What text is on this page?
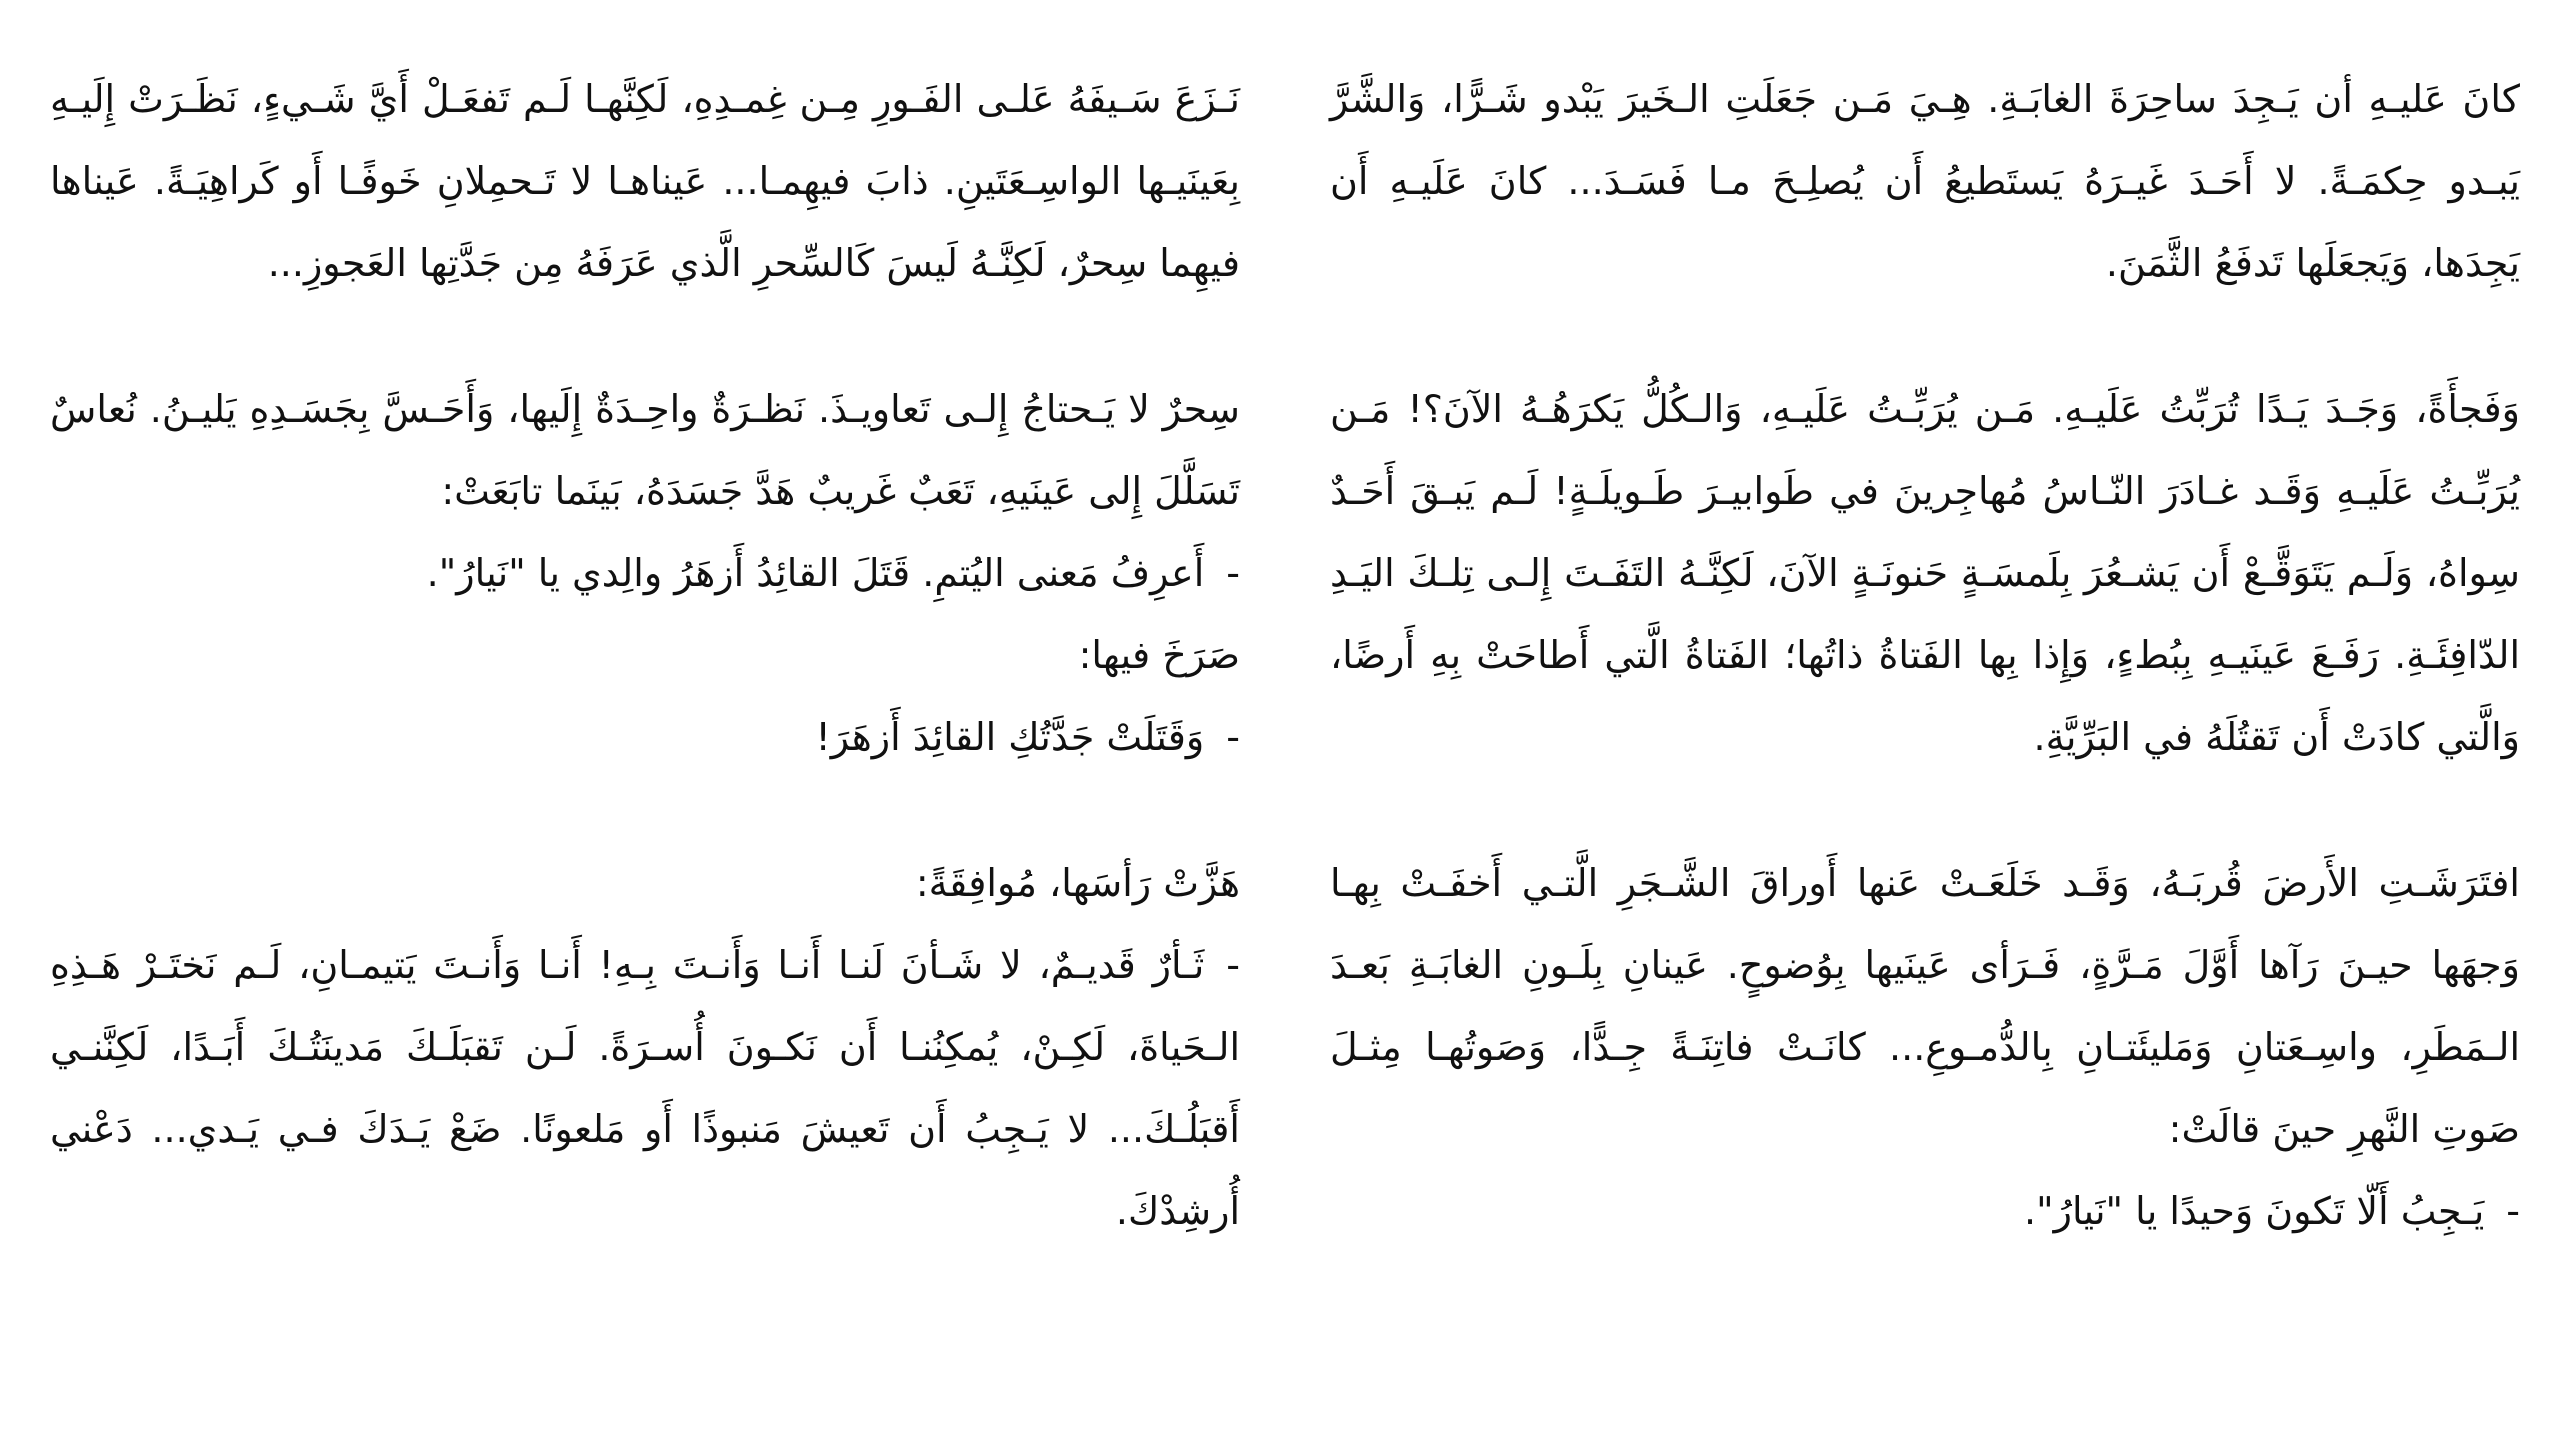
كانَ عَليـهِ أن يَـجِدَ ساحِرَةَ الغابَـةِ. هِـيَ مَـن جَعَلَتِ الـخَيرَ يَبْدو شَـرًّا، وَالشَّرَّ يَبـدو حِكمَـةً. لا أَحَـدَ غَيـرَهُ يَستَطيعُ أَن يُصلِـحَ مـا فَسَـدَ... كانَ عَلَيـهِ أَن يَجِدَها، وَيَجعَلَها تَدفَعُ الثَّمَنَ.

وَفَجأَةً، وَجَـدَ يَـدًا تُرَبِّتُ عَلَيـهِ. مَـن يُرَبِّـتُ عَلَيـهِ، وَالـكُلُّ يَكرَهُـهُ الآنَ؟! مَـن يُرَبِّـتُ عَلَيـهِ وَقَـد غـادَرَ النّـاسُ مُهاجِرينَ في طَوابيـرَ طَـويلَـةٍ! لَـم يَبـقَ أَحَـدٌ سِواهُ، وَلَـم يَتَوَقَّـعْ أَن يَشـعُرَ بِلَمسَـةٍ حَنونَـةٍ الآنَ، لَكِنَّـهُ التَفَـتَ إِلـى تِلـكَ اليَـدِ الدّافِئَـةِ. رَفَـعَ عَينَيـهِ بِبُطءٍ، وَإِذا بِها الفَتاةُ ذاتُها؛ الفَتاةُ الَّتي أَطاحَتْ بِهِ أَرضًا، وَالَّتي كادَتْ أَن تَقتُلَهُ في البَرِّيَّةِ.

افتَرَشَـتِ الأَرضَ قُربَـهُ، وَقَـد خَلَعَـتْ عَنها أَوراقَ الشَّـجَرِ الَّتـي أَخفَـتْ بِهـا وَجهَها حيـنَ رَآها أَوَّلَ مَـرَّةٍ، فَـرَأى عَينَيها بِوُضوحٍ. عَينانِ بِلَـونِ الغابَـةِ بَعـدَ الـمَطَرِ، واسِـعَتانِ وَمَليئَتـانِ بِالدُّمـوعِ... كانَـتْ فاتِنَـةً جِـدًّا، وَصَوتُهـا مِثـلَ صَوتِ النَّهرِ حينَ قالَتْ:

-يَـجِبُ أَلّا تَكونَ وَحيدًا يا "نَيارُ".

نَـزَعَ سَـيفَهُ عَلـى الفَـورِ مِـن غِمـدِهِ، لَكِنَّهـا لَـم تَفعَـلْ أَيَّ شَـيءٍ، نَظَـرَتْ إِلَيـهِ بِعَينَيـها الواسِـعَتَينِ. ذابَ فيهِمـا... عَيناهـا لا تَـحمِلانِ خَوفًـا أَو كَراهِيَـةً. عَيناها فيهِما سِحرٌ، لَكِنَّـهُ لَيسَ كَالسِّحرِ الَّذي عَرَفَهُ مِن جَدَّتِها العَجوزِ...

سِحرٌ لا يَـحتاجُ إِلـى تَعاويـذَ. نَظـرَةٌ واحِـدَةٌ إِلَيها، وَأَحَـسَّ بِجَسَـدِهِ يَليـنُ. نُعاسٌ تَسَلَّلَ إِلى عَينَيهِ، تَعَبٌ غَريبٌ هَدَّ جَسَدَهُ، بَينَما تابَعَتْ:

-أَعرِفُ مَعنى اليُتمِ. قَتَلَ القائِدُ أَزهَرُ والِدي يا "نَيارُ".

صَرَخَ فيها:

-وَقَتَلَتْ جَدَّتُكِ القائِدَ أَزهَرَ!

هَزَّتْ رَأسَها، مُوافِقَةً:

-ثَـأرٌ قَديـمٌ، لا شَـأنَ لَنـا أَنـا وَأَنـتَ بِـهِ! أَنـا وَأَنـتَ يَتيمـانِ، لَـم نَختَـرْ هَـذِهِ الـحَياةَ، لَكِـنْ، يُمكِنُنـا أَن نَكـونَ أُسـرَةً. لَـن تَقبَلَـكَ مَدينَتُـكَ أَبَـدًا، لَكِنَّنـي أَقبَلُـكَ... لا يَـجِبُ أَن تَعيشَ مَنبوذًا أَو مَلعونًا. ضَعْ يَـدَكَ فـي يَـدي... دَعْني أُرشِدْكَ.
